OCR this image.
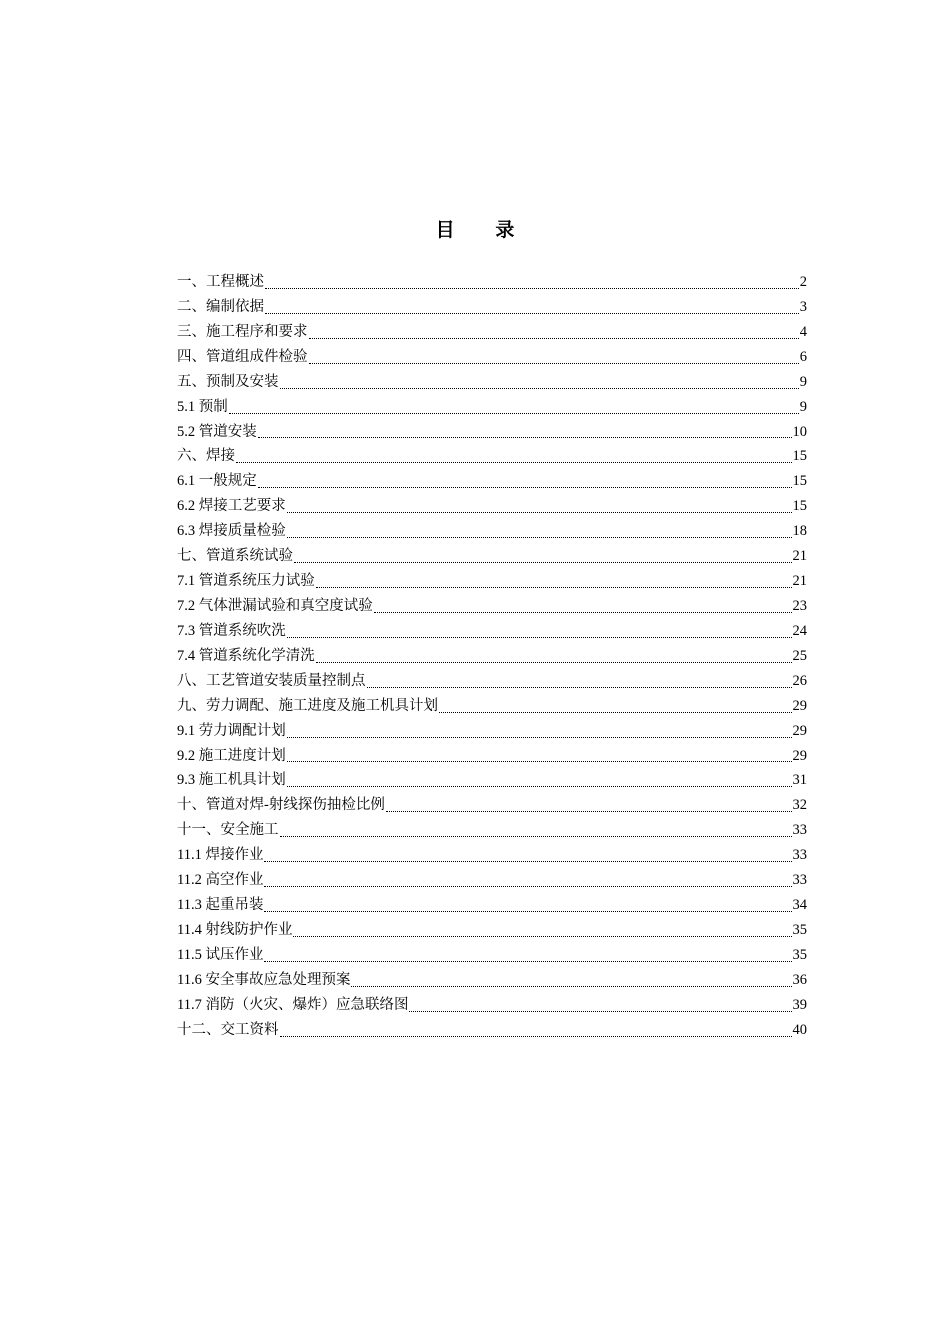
目 录
一、工程概述	2
二、编制依据	3
三、施工程序和要求	4
四、管道组成件检验	6
五、预制及安装	9
5.1 预制	9
5.2 管道安装	10
六、焊接	15
6.1 一般规定	15
6.2 焊接工艺要求	15
6.3 焊接质量检验	18
七、管道系统试验	21
7.1 管道系统压力试验	21
7.2 气体泄漏试验和真空度试验	23
7.3 管道系统吹洗	24
7.4 管道系统化学清洗	25
八、工艺管道安装质量控制点	26
九、劳力调配、施工进度及施工机具计划	29
9.1 劳力调配计划	29
9.2 施工进度计划	29
9.3 施工机具计划	31
十、管道对焊-射线探伤抽检比例	32
十一、安全施工	33
11.1 焊接作业	33
11.2 高空作业	33
11.3 起重吊装	34
11.4 射线防护作业	35
11.5 试压作业	35
11.6 安全事故应急处理预案	36
11.7 消防（火灾、爆炸）应急联络图	39
十二、交工资料	40
